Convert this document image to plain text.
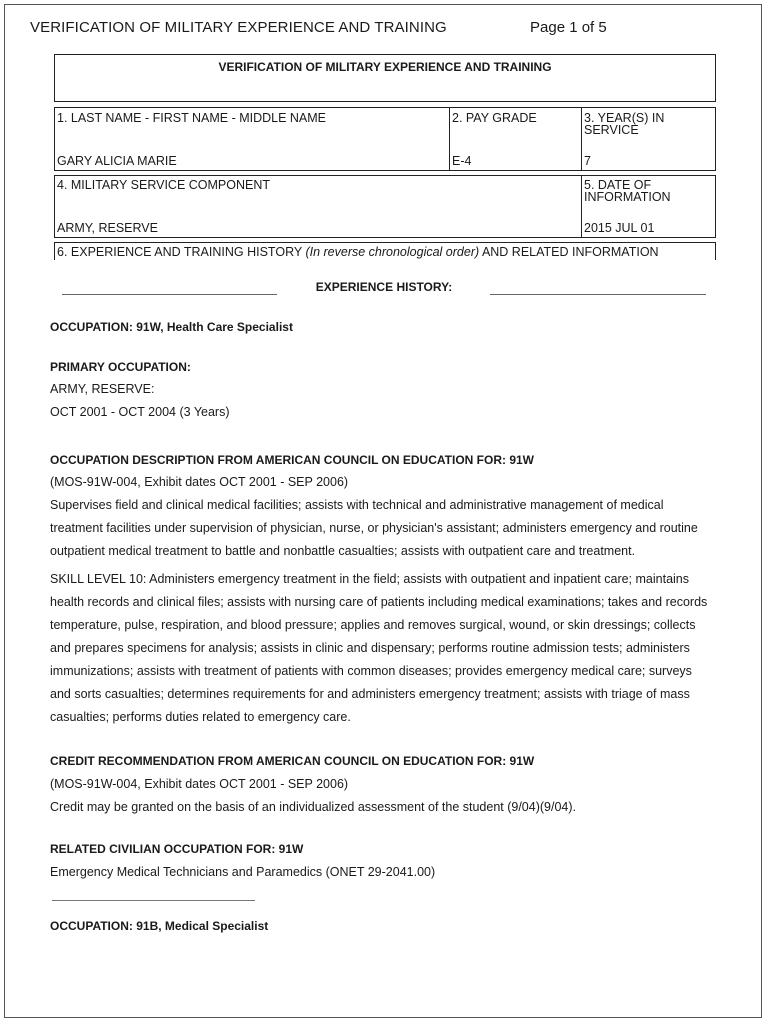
VERIFICATION OF MILITARY EXPERIENCE AND TRAINING	Page 1 of 5
VERIFICATION OF MILITARY EXPERIENCE AND TRAINING
1. LAST NAME - FIRST NAME - MIDDLE NAME
GARY ALICIA MARIE
2. PAY GRADE
E-4
3. YEAR(S) IN
SERVICE
7
4. MILITARY SERVICE COMPONENT
ARMY, RESERVE
5. DATE OF
INFORMATION
2015 JUL 01
6. EXPERIENCE AND TRAINING HISTORY (In reverse chronological order) AND RELATED INFORMATION
EXPERIENCE HISTORY:
OCCUPATION: 91W, Health Care Specialist
PRIMARY OCCUPATION:
ARMY, RESERVE:
OCT 2001 - OCT 2004 (3 Years)
OCCUPATION DESCRIPTION FROM AMERICAN COUNCIL ON EDUCATION FOR: 91W
(MOS-91W-004, Exhibit dates OCT 2001 - SEP 2006)

Supervises field and clinical medical facilities; assists with technical and administrative management of medical

treatment facilities under supervision of physician, nurse, or physician's assistant; administers emergency and routine

outpatient medical treatment to battle and nonbattle casualties; assists with outpatient care and treatment.

SKILL LEVEL 10: Administers emergency treatment in the field; assists with outpatient and inpatient care; maintains

health records and clinical files; assists with nursing care of patients including medical examinations; takes and records

temperature, pulse, respiration, and blood pressure; applies and removes surgical, wound, or skin dressings; collects

and prepares specimens for analysis; assists in clinic and dispensary; performs routine admission tests; administers

immunizations; assists with treatment of patients with common diseases; provides emergency medical care; surveys

and sorts casualties; determines requirements for and administers emergency treatment; assists with triage of mass

casualties; performs duties related to emergency care.

CREDIT RECOMMENDATION FROM AMERICAN COUNCIL ON EDUCATION FOR: 91W
(MOS-91W-004, Exhibit dates OCT 2001 - SEP 2006)
Credit may be granted on the basis of an individualized assessment of the student (9/04)(9/04).
RELATED CIVILIAN OCCUPATION FOR: 91W
Emergency Medical Technicians and Paramedics (ONET 29-2041.00)
OCCUPATION: 91B, Medical Specialist
